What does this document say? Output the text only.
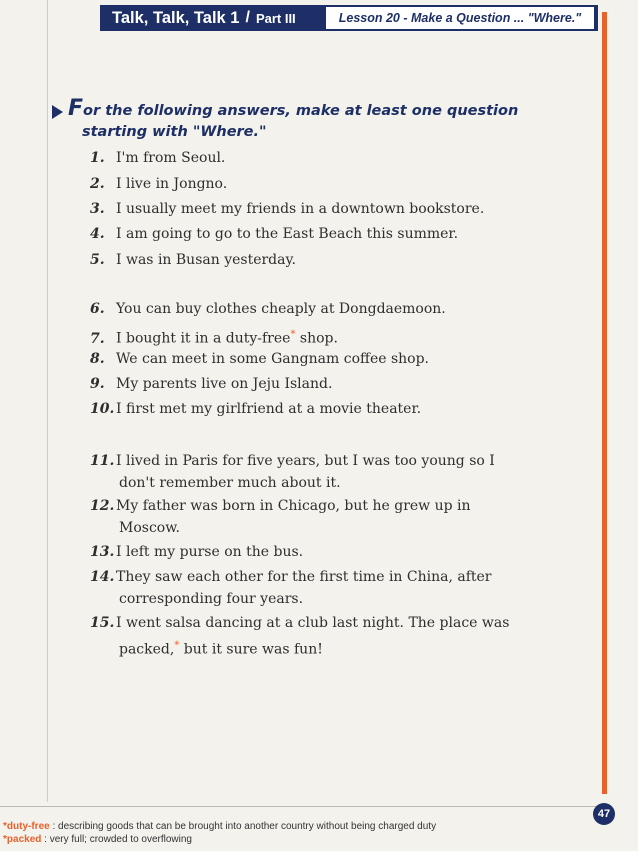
Talk, Talk, Talk 1 / Part III	Lesson 20 - Make a Question ... "Where."
For the following answers, make at least one question
starting with "Where."
1. I'm from Seoul.
2. I live in Jongno.
3. I usually meet my friends in a downtown bookstore.
4. I am going to go to the East Beach this summer.
5. I was in Busan yesterday.
6. You can buy clothes cheaply at Dongdaemoon.
7. I bought it in a duty-free* shop.
8. We can meet in some Gangnam coffee shop.
9. My parents live on Jeju Island.
10. I first met my girlfriend at a movie theater.
11. I lived in Paris for five years, but I was too young so I
don't remember much about it.
12. My father was born in Chicago, but he grew up in
Moscow.
13. I left my purse on the bus.
14. They saw each other for the first time in China, after
corresponding four years.
15. I went salsa dancing at a club last night. The place was
packed,* but it sure was fun!
47
*duty-free : describing goods that can be brought into another country without being charged duty
*packed : very full; crowded to overflowing
